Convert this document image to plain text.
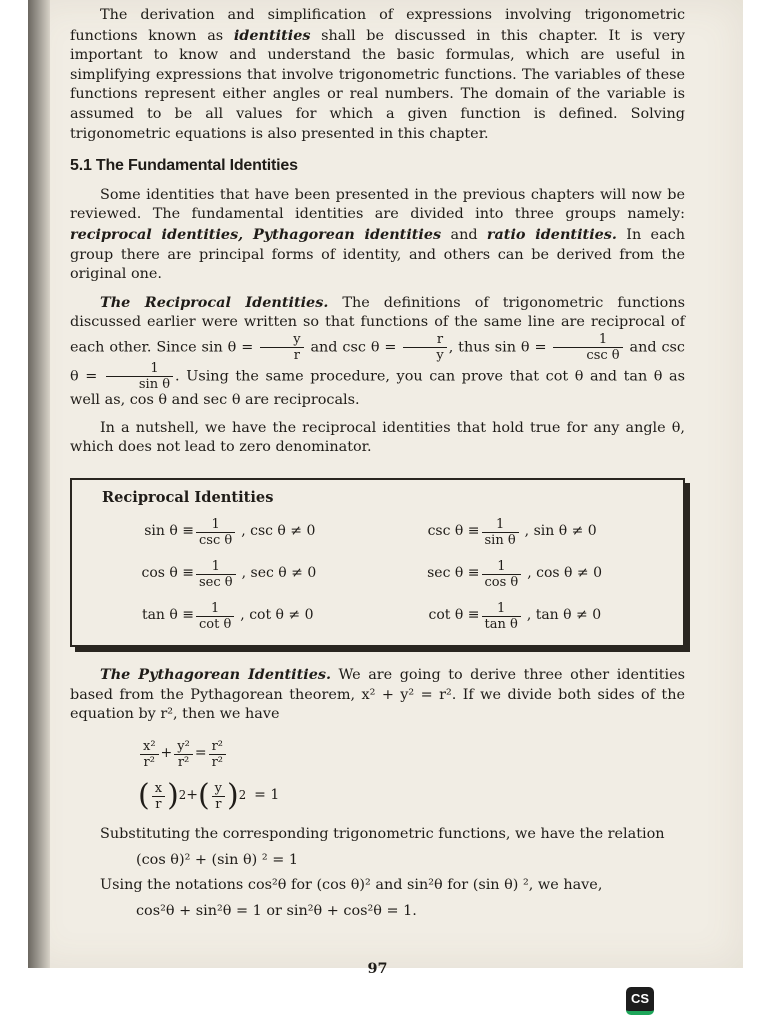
The derivation and simplification of expressions involving trigonometric functions known as identities shall be discussed in this chapter. It is very important to know and understand the basic formulas, which are useful in simplifying expressions that involve trigonometric functions. The variables of these functions represent either angles or real numbers. The domain of the variable is assumed to be all values for which a given function is defined. Solving trigonometric equations is also presented in this chapter.

5.1 The Fundamental Identities

Some identities that have been presented in the previous chapters will now be reviewed. The fundamental identities are divided into three groups namely: reciprocal identities, Pythagorean identities and ratio identities. In each group there are principal forms of identity, and others can be derived from the original one.

The Reciprocal Identities. The definitions of trigonometric functions discussed earlier were written so that functions of the same line are reciprocal of each other. Since $\sin \theta = \frac{y}{r}$ and $\csc \theta = \frac{r}{y}$ , thus $\sin \theta = \frac{1}{\text{csc θ}}$ and $\csc \theta = \frac{1}{\text{sin θ}}$ . Using the same procedure, you can prove that cot θ and tan θ as well as, cos θ and sec θ are reciprocals.

In a nutshell, we have the reciprocal identities that hold true for any angle θ, which does not lead to zero denominator.

Reciprocal Identities
$\sin \theta \equiv \frac{1}{\text{csc θ}}$ , csc θ ≠ 0	$\csc \theta \equiv \frac{1}{\text{sin θ}}$ , sin θ ≠ 0
$\cos \theta \equiv \frac{1}{\text{sec θ}}$ , sec θ ≠ 0	$\sec \theta \equiv \frac{1}{\text{cos θ}}$ , cos θ ≠ 0
$\tan \theta \equiv \frac{1}{\text{cot θ}}$ , cot θ ≠ 0	$\cot \theta \equiv \frac{1}{\text{tan θ}}$ , tan θ ≠ 0

The Pythagorean Identities. We are going to derive three other identities based from the Pythagorean theorem, x² + y² = r². If we divide both sides of the equation by r², then we have

$\frac{\text{x²}}{\text{r²}} + \frac{\text{y²}}{\text{r²}} = \frac{\text{r²}}{\text{r²}}$
( $\frac{x}{r}$ ) 2 + ( $\frac{y}{r}$ ) 2 = 1

Substituting the corresponding trigonometric functions, we have the relation

(cos θ)² + (sin θ) ² = 1

Using the notations cos²θ for (cos θ)² and sin²θ for (sin θ) ², we have,

cos²θ + sin²θ = 1 or sin²θ + cos²θ = 1.

97
CS
